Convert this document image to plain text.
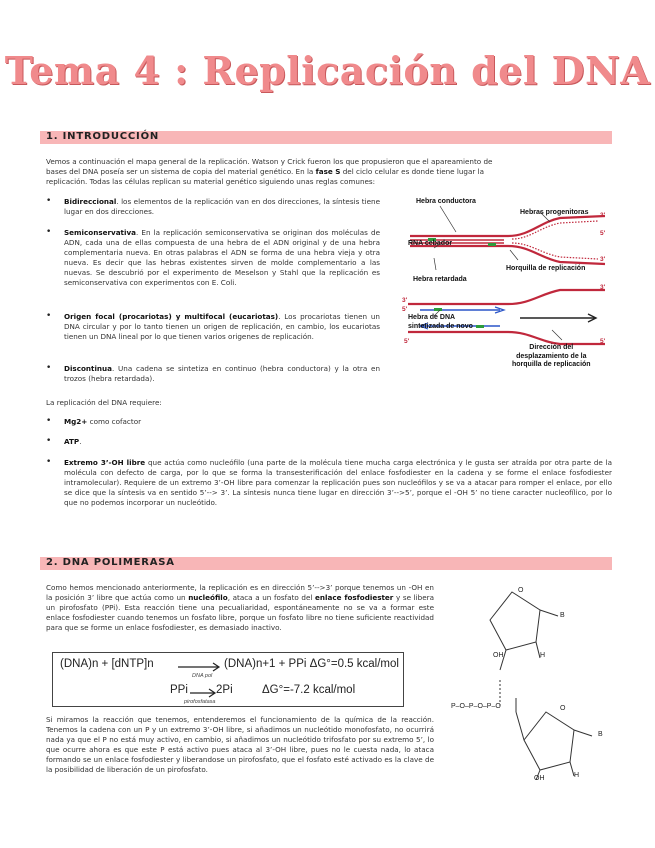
Tema 4 : Replicación del DNA
1. INTRODUCCIÓN
Vemos a continuación el mapa general de la replicación. Watson y Crick fueron los que propusieron que el apareamiento de
bases del DNA poseía ser un sistema de copia del material genético. En la fase S del ciclo celular es donde tiene lugar la
replicación. Todas las células replican su material genético siguiendo unas reglas comunes:
• Bidireccional. los elementos de la replicación van en dos direcciones, la síntesis tiene lugar en dos direcciones.
• Semiconservativa. En la replicación semiconservativa se originan dos moléculas de ADN, cada una de ellas compuesta de una hebra de el ADN original y de una hebra complementaria nueva. En otras palabras el ADN se forma de una hebra vieja y otra nueva. Es decir que las hebras existentes sirven de molde complementario a las nuevas. Se descubrió por el experimento de Meselson y Stahl que la replicación es semiconservativa con experimentos con E. Coli.
• Origen focal (procariotas) y multifocal (eucariotas). Los procariotas tienen un DNA circular y por lo tanto tienen un origen de replicación, en cambio, los eucariotas tienen un DNA lineal por lo que tienen varios origenes de replicación.
• Discontinua. Una cadena se sintetiza en continuo (hebra conductora) y la otra en trozos (hebra retardada).
La replicación del DNA requiere:
• Mg2+ como cofactor
• ATP.
• Extremo 3’-OH libre que actúa como nucleófilo (una parte de la molécula tiene mucha carga electrónica y le gusta ser atraída por otra parte de la molécula con defecto de carga, por lo que se forma la transesterificación del enlace fosfodiester en la cadena y se forme el enlace fosfodiester intramolecular). Requiere de un extremo 3’-OH libre para comenzar la replicación pues son nucleófilos y se va a atacar para romper el enlace, por ello se dice que la síntesis va en sentido 5’--> 3’. La síntesis nunca tiene lugar en dirección 3’-->5’, porque el -OH 5’ no tiene caracter nucleofílico, por lo que no podemos incorporar un nucleótido.
Hebra conductora
Hebras progenitoras
RNA cebador
Horquilla de replicación
Hebra retardada
Hebra de DNA
sintetizada de novo
Dirección del
desplazamiento de la
horquilla de replicación
3'
5'
3'
3'
5'
3'
5'
5'
2. DNA POLIMERASA
Como hemos mencionado anteriormente, la replicación es en dirección 5’-->3’ porque tenemos un -OH en la posición 3’ libre que actúa como un nucleófilo, ataca a un fosfato del enlace fosfodiester y se libera un pirofosfato (PPi). Esta reacción tiene una pecualiaridad, espontáneamente no se va a formar este enlace fosfodiester cuando tenemos un fosfato libre, porque un fosfato libre no tiene suficiente reactividad para que se forme un enlace fosfodiester, es demasiado inactivo.
(DNA)n + [dNTP]n
DNA pol
(DNA)n+1 + PPi ΔG°=0.5 kcal/mol
PPi
pirofosfatasa
2Pi	ΔG°=-7.2 kcal/mol
Si miramos la reacción que tenemos, entenderemos el funcionamiento de la química de la reacción. Tenemos la cadena con un P y un extremo 3’-OH libre, si añadimos un nucleótido monofosfato, no ocurrirá nada ya que el P no está muy activo, en cambio, si añadimos un nucleótido trifosfato por su extremo 5’, lo que ocurre ahora es que este P está activo pues ataca al 3’-OH libre, pues no le cuesta nada, lo ataca formando se un enlace fosfodiester y liberandose un pirofosfato, que el fosfato esté activado es la clave de la posibilidad de liberación de un pirofosfato.
O
B
OH	H
P–O–P–O–P–O	O
B
OH	H
